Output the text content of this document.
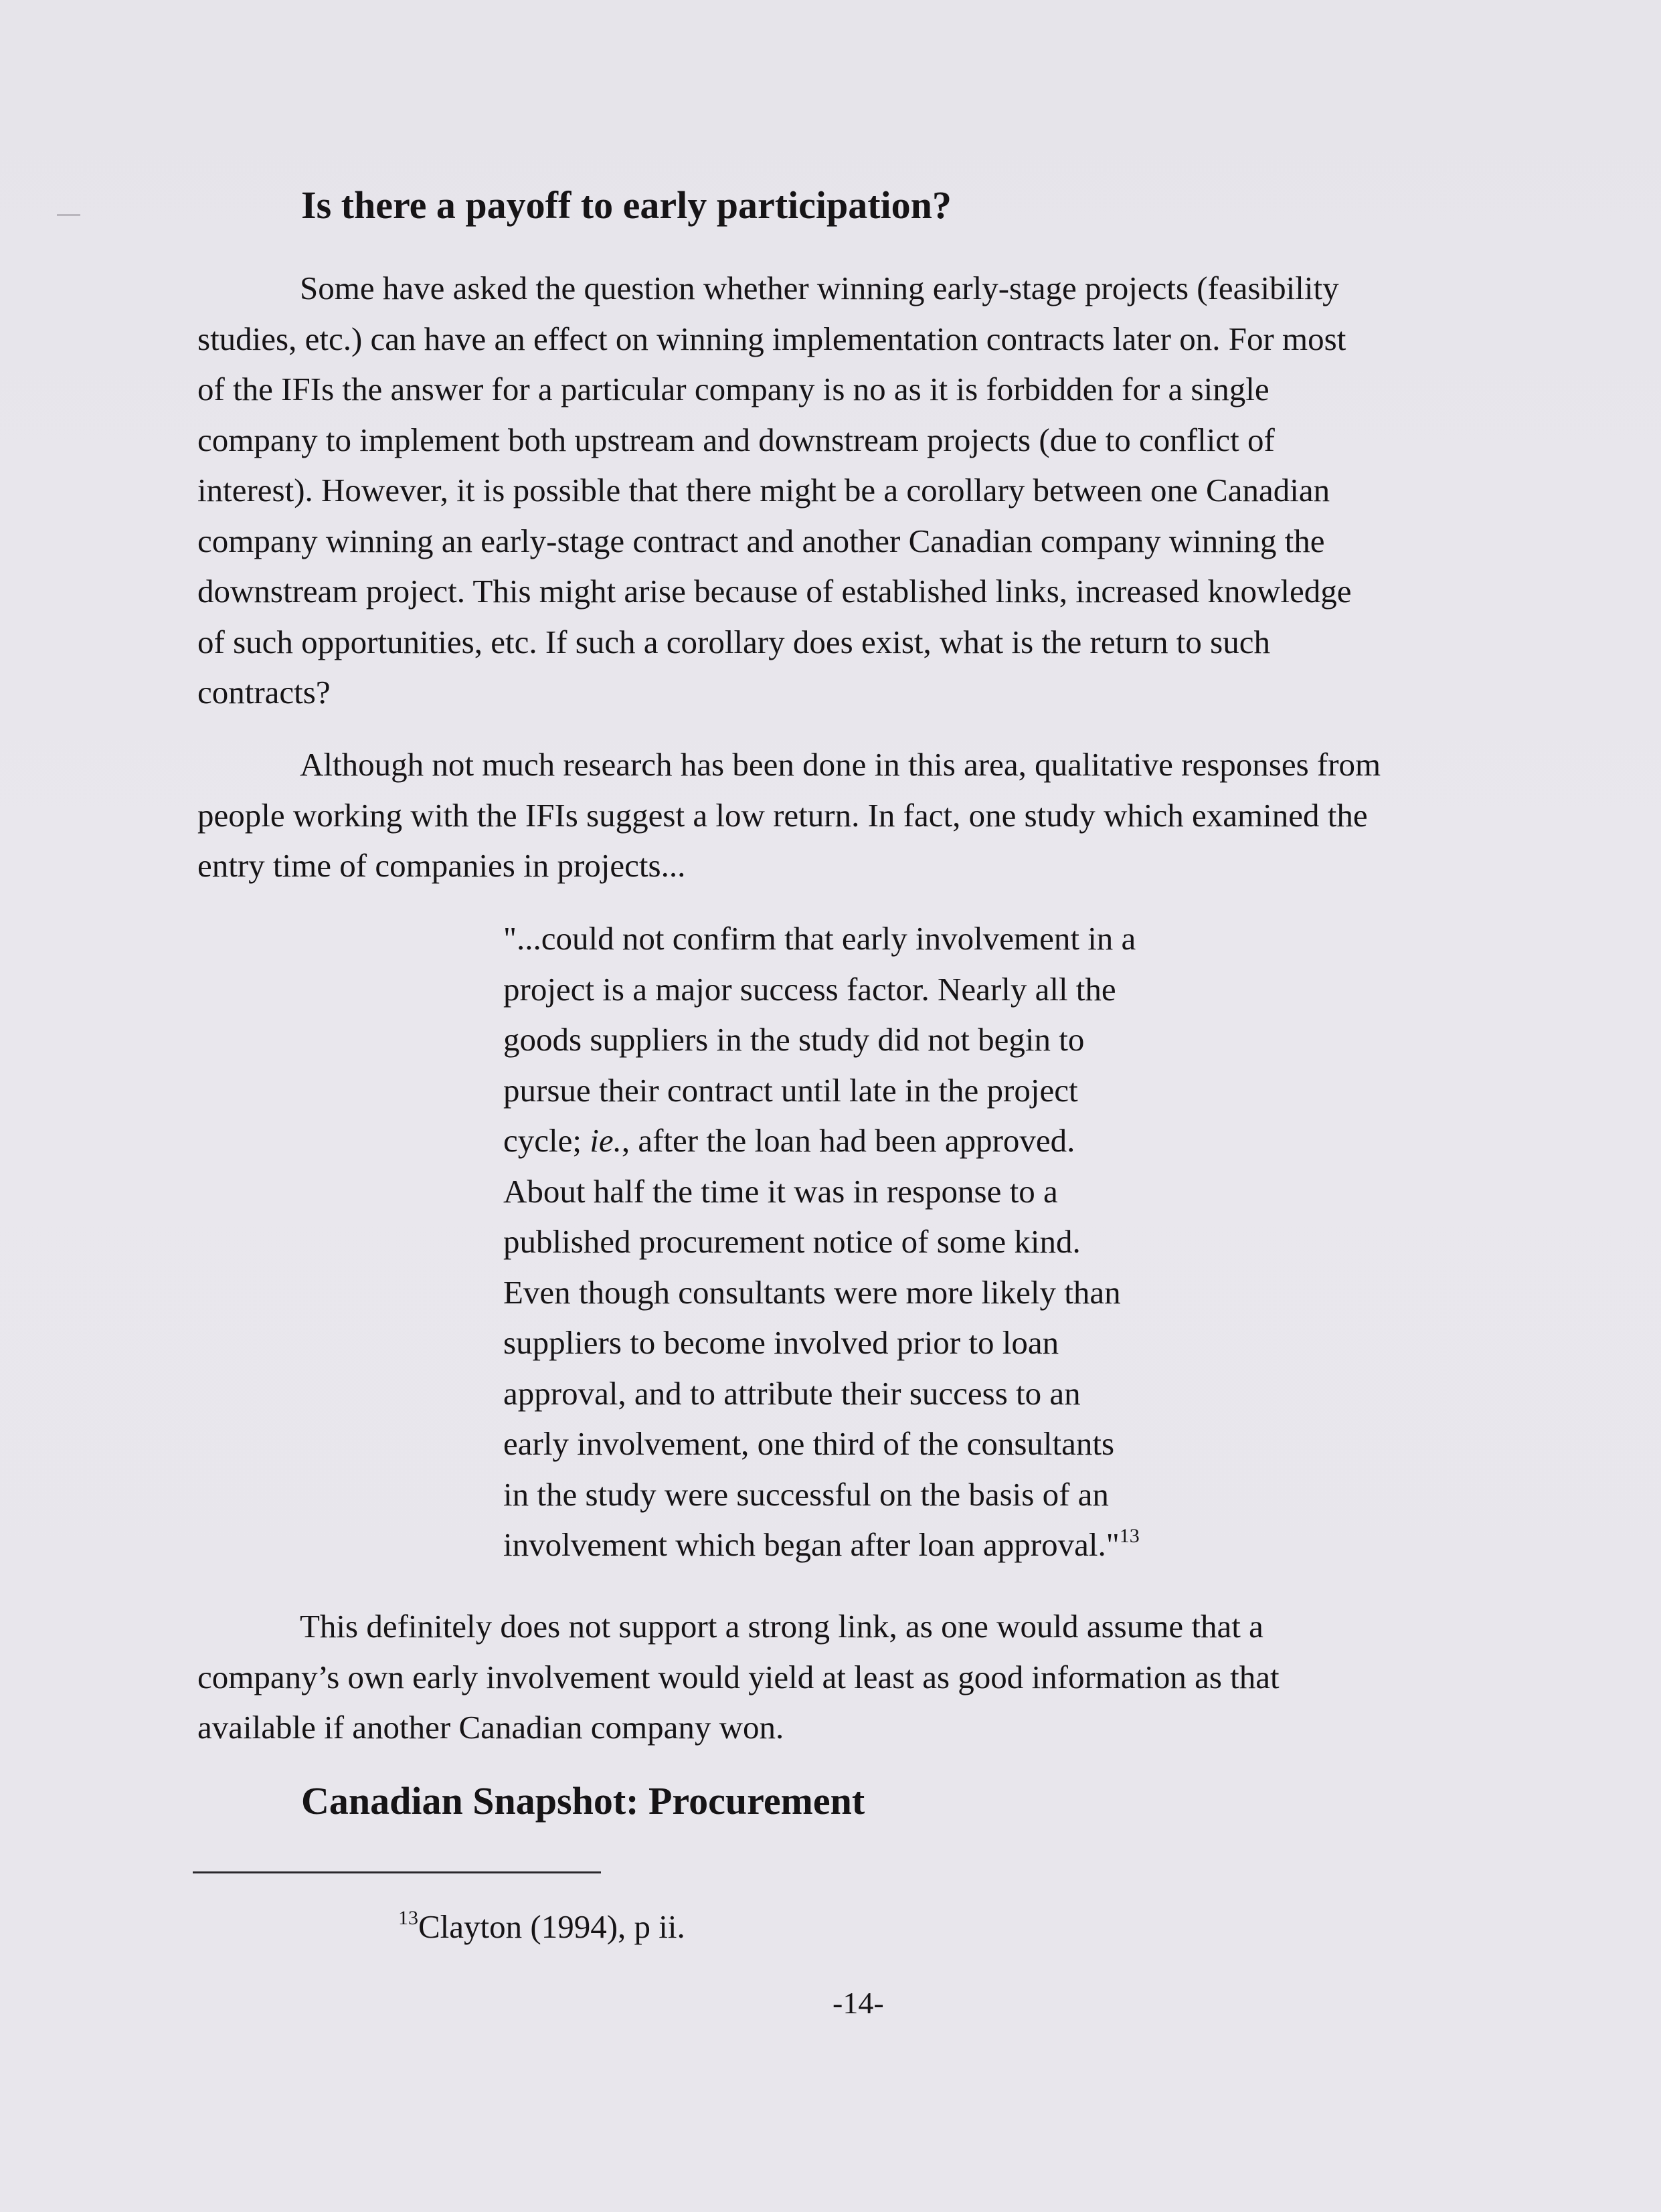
Is there a payoff to early participation?
Some have asked the question whether winning early-stage projects (feasibility
studies, etc.) can have an effect on winning implementation contracts later on. For most
of the IFIs the answer for a particular company is no as it is forbidden for a single
company to implement both upstream and downstream projects (due to conflict of
interest). However, it is possible that there might be a corollary between one Canadian
company winning an early-stage contract and another Canadian company winning the
downstream project. This might arise because of established links, increased knowledge
of such opportunities, etc. If such a corollary does exist, what is the return to such
contracts?
Although not much research has been done in this area, qualitative responses from
people working with the IFIs suggest a low return. In fact, one study which examined the
entry time of companies in projects...
"...could not confirm that early involvement in a
project is a major success factor. Nearly all the
goods suppliers in the study did not begin to
pursue their contract until late in the project
cycle; ie., after the loan had been approved.
About half the time it was in response to a
published procurement notice of some kind.
Even though consultants were more likely than
suppliers to become involved prior to loan
approval, and to attribute their success to an
early involvement, one third of the consultants
in the study were successful on the basis of an
involvement which began after loan approval."$^{13}$
This definitely does not support a strong link, as one would assume that a
company’s own early involvement would yield at least as good information as that
available if another Canadian company won.
Canadian Snapshot: Procurement

$^{13}$Clayton (1994), p ii.

-14-
